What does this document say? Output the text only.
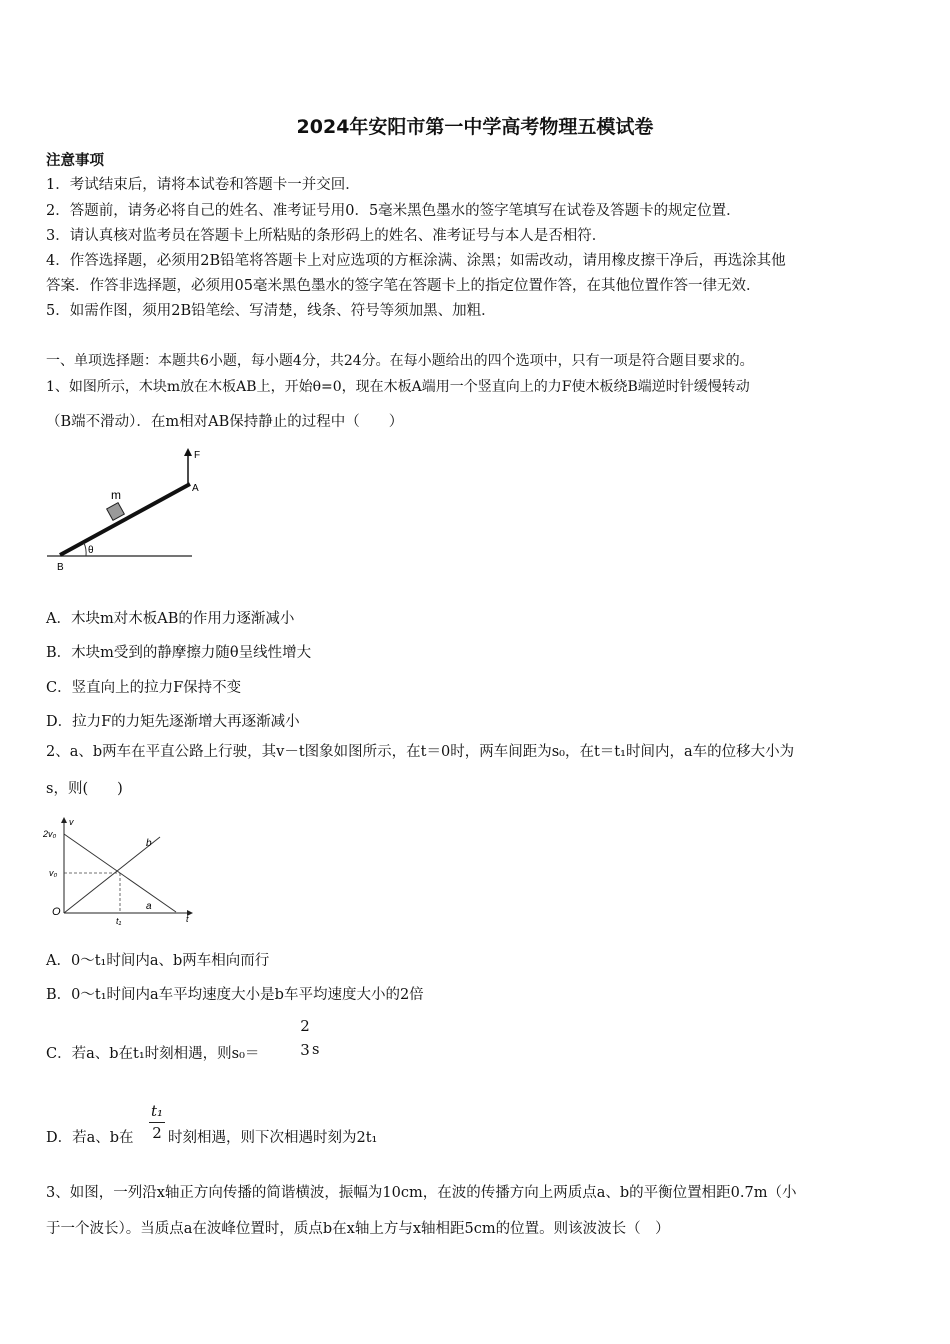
2024年安阳市第一中学高考物理五模试卷
注意事项
1．考试结束后，请将本试卷和答题卡一并交回．
2．答题前，请务必将自己的姓名、准考证号用0．5毫米黑色墨水的签字笔填写在试卷及答题卡的规定位置．
3．请认真核对监考员在答题卡上所粘贴的条形码上的姓名、准考证号与本人是否相符．
4．作答选择题，必须用2B铅笔将答题卡上对应选项的方框涂满、涂黑；如需改动，请用橡皮擦干净后，再选涂其他
答案．作答非选择题，必须用05毫米黑色墨水的签字笔在答题卡上的指定位置作答，在其他位置作答一律无效．
5．如需作图，须用2B铅笔绘、写清楚，线条、符号等须加黑、加粗．
一、单项选择题：本题共6小题，每小题4分，共24分。在每小题给出的四个选项中，只有一项是符合题目要求的。
1、如图所示，木块m放在木板AB上，开始θ=0，现在木板A端用一个竖直向上的力F使木板绕B端逆时针缓慢转动
（B端不滑动）．在m相对AB保持静止的过程中（　　）
F
A
m
B
θ
A．木块m对木板AB的作用力逐渐减小
B．木块m受到的静摩擦力随θ呈线性增大
C．竖直向上的拉力F保持不变
D．拉力F的力矩先逐渐增大再逐渐减小
2、a、b两车在平直公路上行驶，其v－t图象如图所示，在t＝0时，两车间距为s₀，在t＝t₁时间内，a车的位移大小为
s，则(　　)
v
2v₀
v₀
O
t₁	t
a
b
A．0～t₁时间内a、b两车相向而行
B．0～t₁时间内a车平均速度大小是b车平均速度大小的2倍
C．若a、b在t₁时刻相遇，则s₀＝
2
3 s
D．若a、b在
t₁
2 时刻相遇，则下次相遇时刻为2t₁
3、如图，一列沿x轴正方向传播的简谐横波，振幅为10cm，在波的传播方向上两质点a、b的平衡位置相距0.7m（小
于一个波长）。当质点a在波峰位置时，质点b在x轴上方与x轴相距5cm的位置。则该波波长（　）
